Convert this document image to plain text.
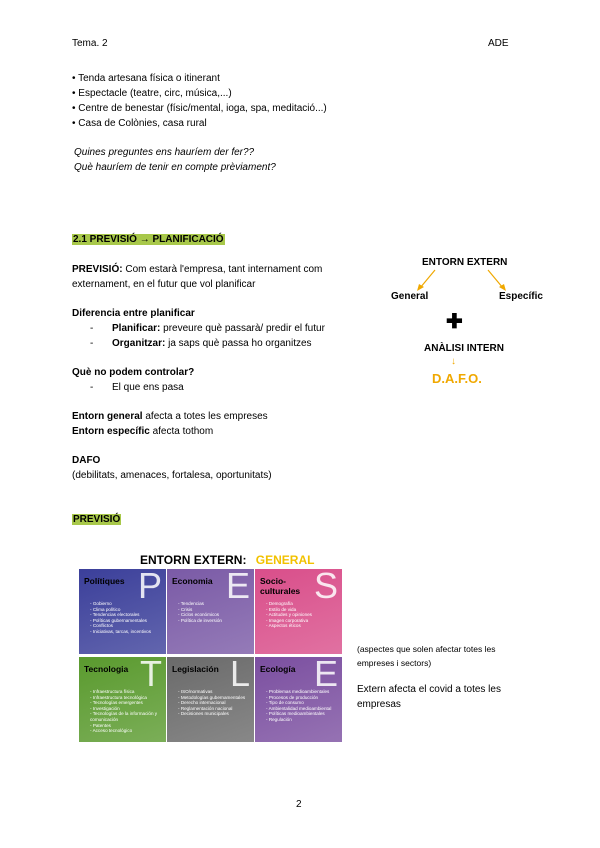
Tema. 2	ADE
• Tenda artesana física o itinerant
• Espectacle (teatre, circ, música,...)
• Centre de benestar (físic/mental, ioga, spa, meditació...)
• Casa de Colònies, casa rural
Quines preguntes ens hauríem der fer??
Què hauríem de tenir en compte prèviament?
2.1 PREVISIÓ → PLANIFICACIÓ
PREVISIÓ: Com estarà l'empresa, tant internament com
externament, en el futur que vol planificar
Diferencia entre planificar
- Planificar: preveure què passarà/ predir el futur
- Organitzar: ja saps què passa ho organitzes
Què no podem controlar?
- El que ens pasa
Entorn general afecta a totes les empreses
Entorn específic afecta tothom
DAFO
(debilitats, amenaces, fortalesa, oportunitats)
ENTORN EXTERN
General	Específic
✚
ANÀLISI INTERN
↓
D.A.F.O.
PREVISIÓ
ENTORN EXTERN: GENERAL
P
Polítiques
- Gobierno
- Clima político
- Tendencias electorales
- Políticas gubernamentales
- Conflictos
- Iniciativas, tarcas, incentivos
E
Economia
- Tendencias
- Crisis
- Ciclos económicos
- Política de inversión
S
Socio-culturales
- Demografía
- Estilo de vida
- Actitudes y opiniones
- Imagen corporativa
- Aspectos éticos
T
Tecnologia
- Infraestructura física
- Infraestructura tecnológica
- Tecnologías emergentes
- Investigación
- Tecnologías de la información y comunicación
- Patentes
- Acceso tecnológico
L
Legislación
- ISO/normativas
- Metodologías gubernamentales
- Derecho internacional
- Reglamentación nacional
- Decisiones municipales
E
Ecología
- Problemas medioambientales
- Procesos de producción
- Tipo de consumo
- Ambientalidad medioambiental
- Políticas medioambientales
- Regulación
(aspectes que solen afectar totes les
empreses i sectors)
Extern afecta el covid a totes les
empresas
2
